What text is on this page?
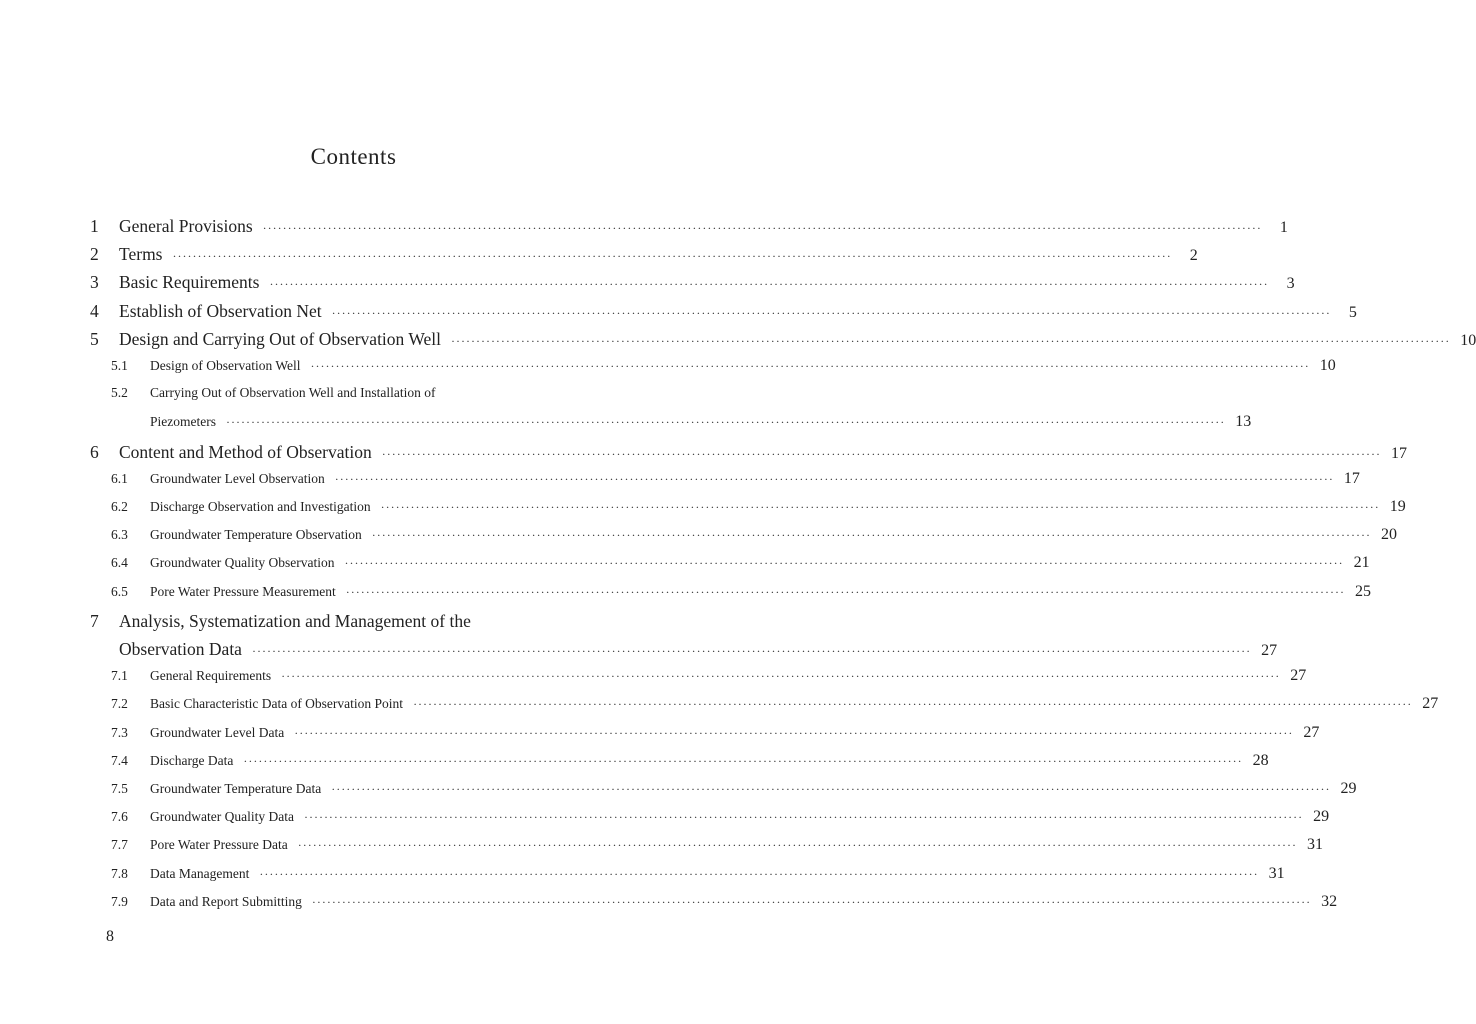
Contents
1	General Provisions ········································································································································································································	1
2	Terms ········································································································································································································	2
3	Basic Requirements ········································································································································································································	3
4	Establish of Observation Net ········································································································································································································	5
5	Design and Carrying Out of Observation Well ········································································································································································································ 10
5.1	Design of Observation Well ········································································································································································································ 10
5.2	Carrying Out of Observation Well and Installation of
Piezometers ········································································································································································································ 13
6	Content and Method of Observation ········································································································································································································ 17
6.1	Groundwater Level Observation ········································································································································································································ 17
6.2	Discharge Observation and Investigation ········································································································································································································ 19
6.3	Groundwater Temperature Observation ········································································································································································································ 20
6.4	Groundwater Quality Observation ········································································································································································································ 21
6.5	Pore Water Pressure Measurement ········································································································································································································ 25
7	Analysis, Systematization and Management of the
Observation Data ········································································································································································································ 27
7.1	General Requirements ········································································································································································································ 27
7.2	Basic Characteristic Data of Observation Point ········································································································································································································ 27
7.3	Groundwater Level Data ········································································································································································································ 27
7.4	Discharge Data ········································································································································································································ 28
7.5	Groundwater Temperature Data ········································································································································································································ 29
7.6	Groundwater Quality Data ········································································································································································································ 29
7.7	Pore Water Pressure Data ········································································································································································································ 31
7.8	Data Management ········································································································································································································ 31
7.9	Data and Report Submitting ········································································································································································································ 32
8
